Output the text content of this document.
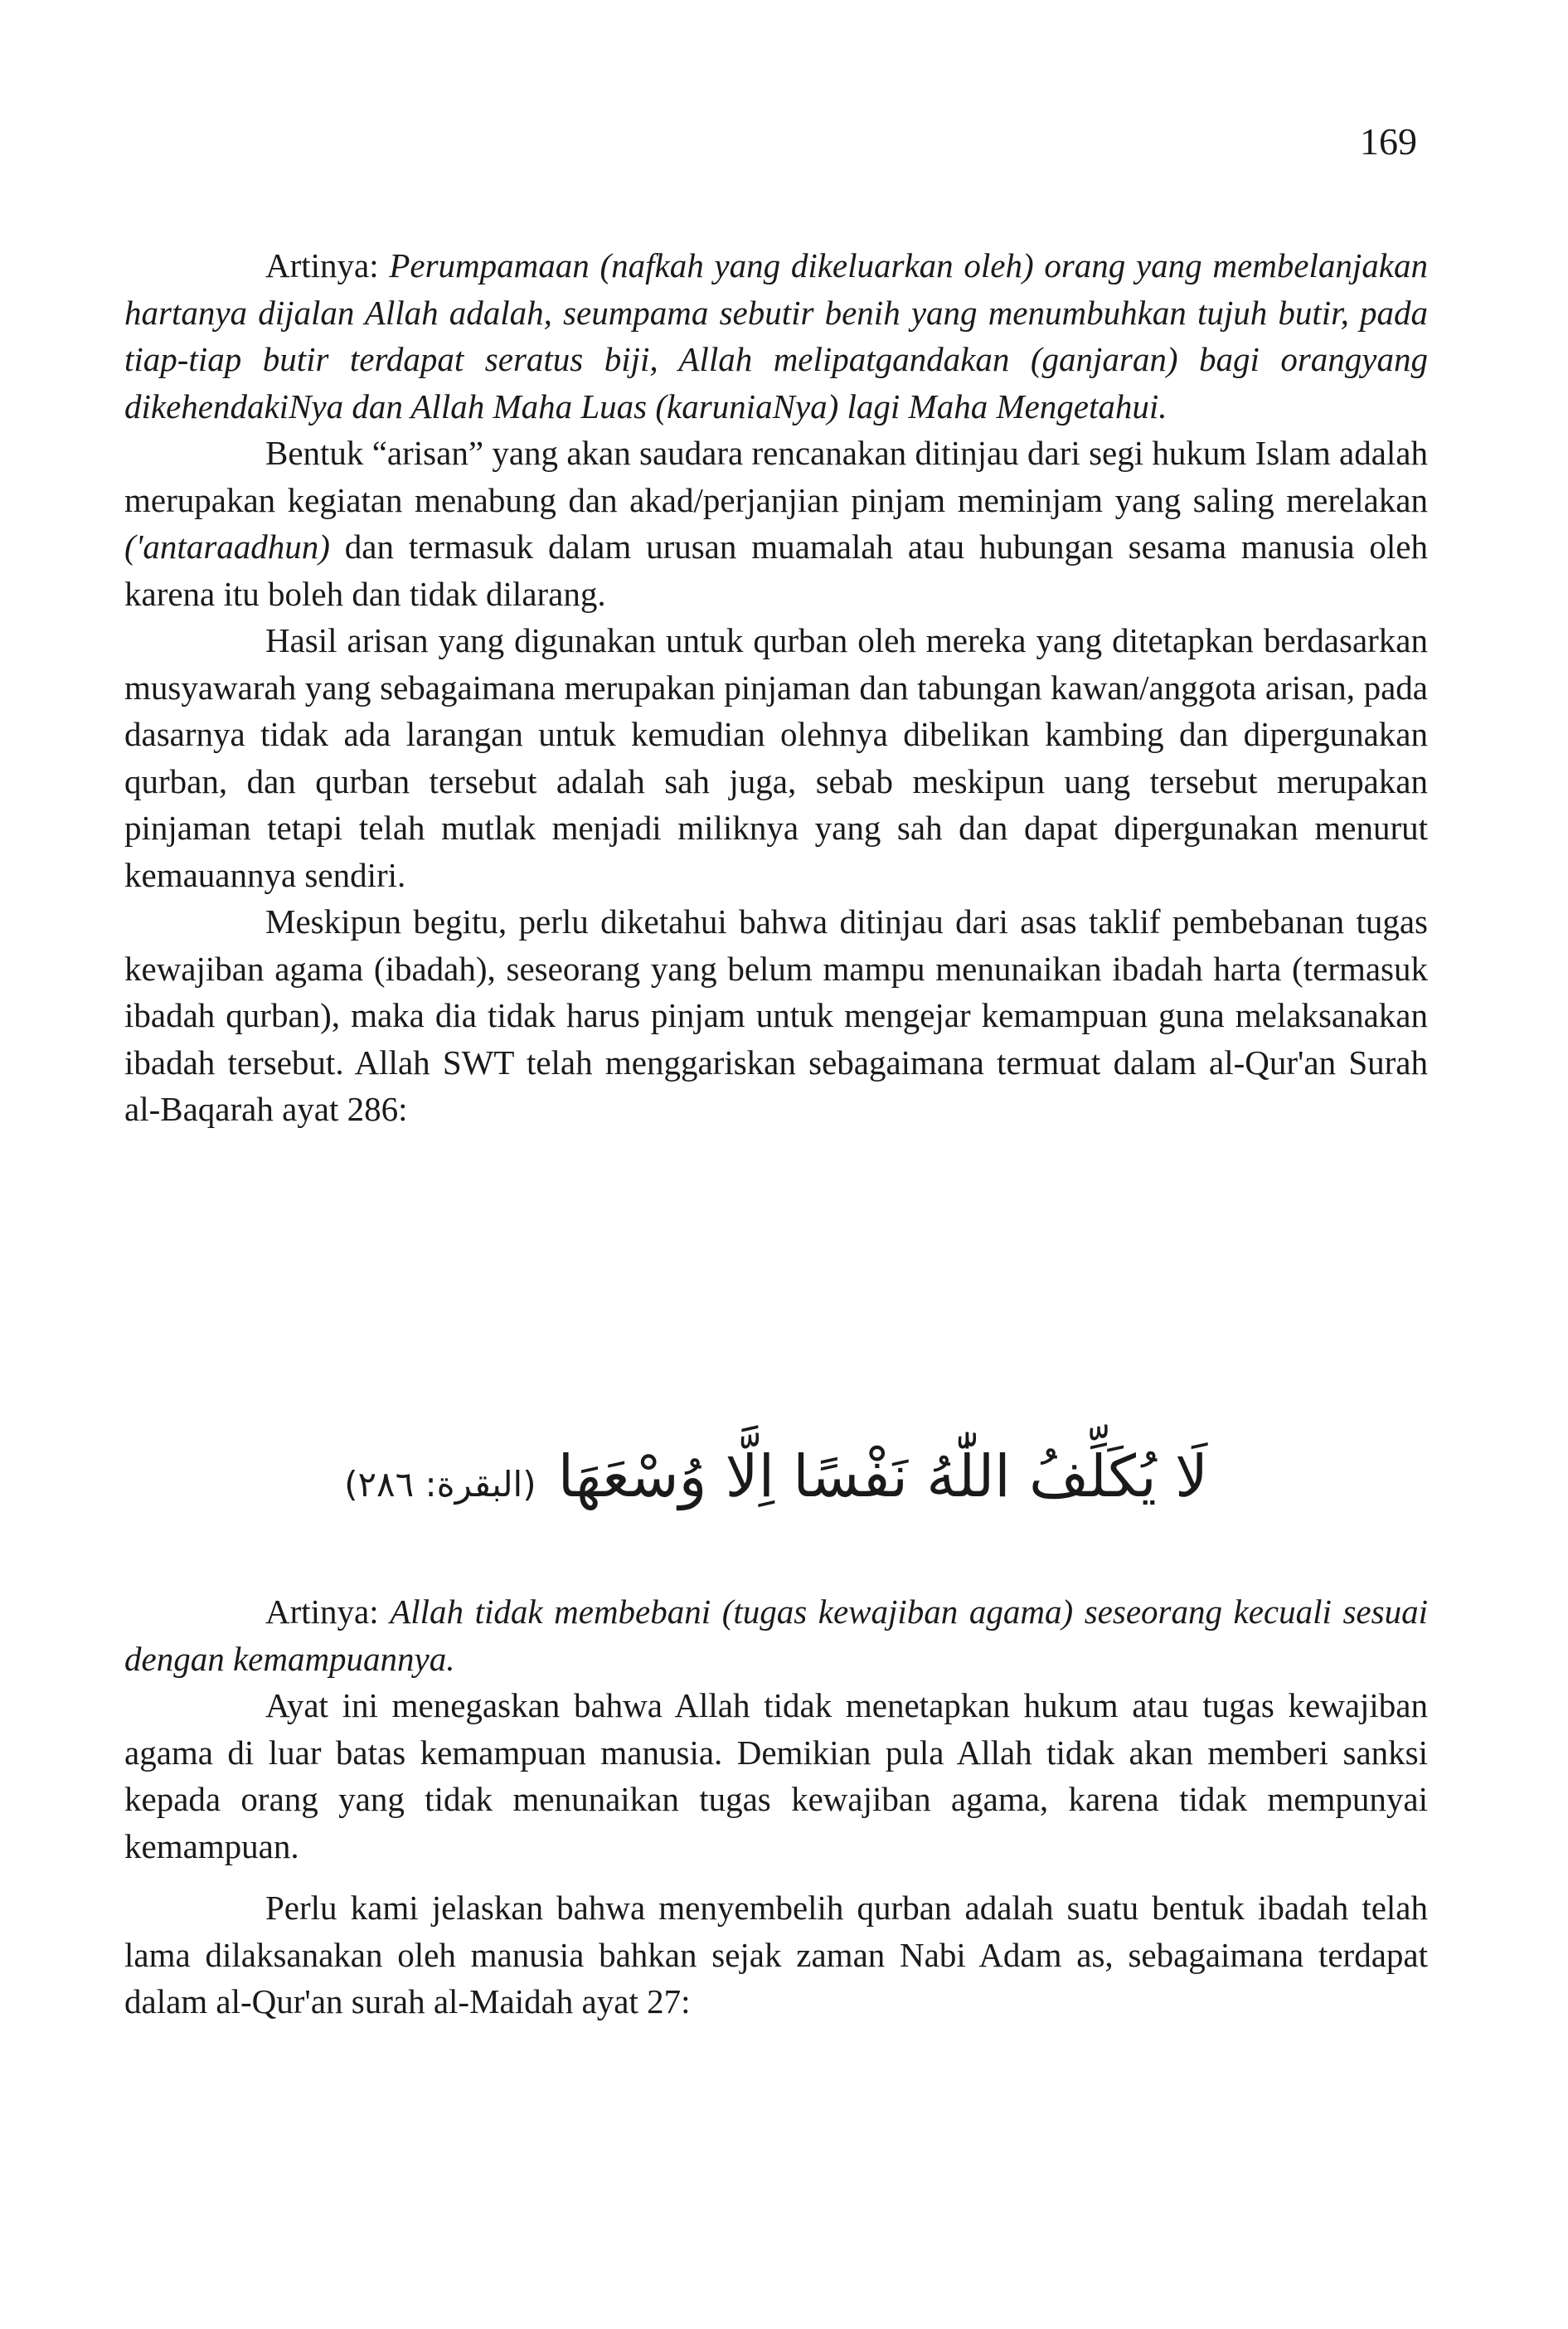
169

Artinya: Perumpamaan (nafkah yang dikeluarkan oleh) orang yang membelanjakan hartanya dijalan Allah adalah, seumpama sebutir benih yang menumbuhkan tujuh butir, pada tiap-tiap butir terdapat seratus biji, Allah melipatgandakan (ganjaran) bagi orangyang dikehendakiNya dan Allah Maha Luas (karuniaNya) lagi Maha Mengetahui.

Bentuk “arisan” yang akan saudara rencanakan ditinjau dari segi hukum Islam adalah merupakan kegiatan menabung dan akad/perjanjian pinjam meminjam yang saling merelakan ('antaraadhun) dan termasuk dalam urusan muamalah atau hubungan sesama manusia oleh karena itu boleh dan tidak dilarang.

Hasil arisan yang digunakan untuk qurban oleh mereka yang ditetapkan berdasarkan musyawarah yang sebagaimana merupakan pinjaman dan tabungan kawan/anggota arisan, pada dasarnya tidak ada larangan untuk kemudian olehnya dibelikan kambing dan dipergunakan qurban, dan qurban tersebut adalah sah juga, sebab meskipun uang tersebut merupakan pinjaman tetapi telah mutlak menjadi miliknya yang sah dan dapat dipergunakan menurut kemauannya sendiri.

Meskipun begitu, perlu diketahui bahwa ditinjau dari asas taklif pembebanan tugas kewajiban agama (ibadah), seseorang yang belum mampu menunaikan ibadah harta (termasuk ibadah qurban), maka dia tidak harus pinjam untuk mengejar kemampuan guna melaksanakan ibadah tersebut. Allah SWT telah menggariskan sebagaimana termuat dalam al-Qur'an Surah al-Baqarah ayat 286:

لَا يُكَلِّفُ اللّٰهُ نَفْسًا اِلَّا وُسْعَهَا(البقرة: ٢٨٦)

Artinya: Allah tidak membebani (tugas kewajiban agama) seseorang kecuali sesuai dengan kemampuannya.

Ayat ini menegaskan bahwa Allah tidak menetapkan hukum atau tugas kewajiban agama di luar batas kemampuan manusia. Demikian pula Allah tidak akan memberi sanksi kepada orang yang tidak menunaikan tugas kewajiban agama, karena tidak mempunyai kemampuan.

Perlu kami jelaskan bahwa menyembelih qurban adalah suatu bentuk ibadah telah lama dilaksanakan oleh manusia bahkan sejak zaman Nabi Adam as, sebagaimana terdapat dalam al-Qur'an surah al-Maidah ayat 27:
